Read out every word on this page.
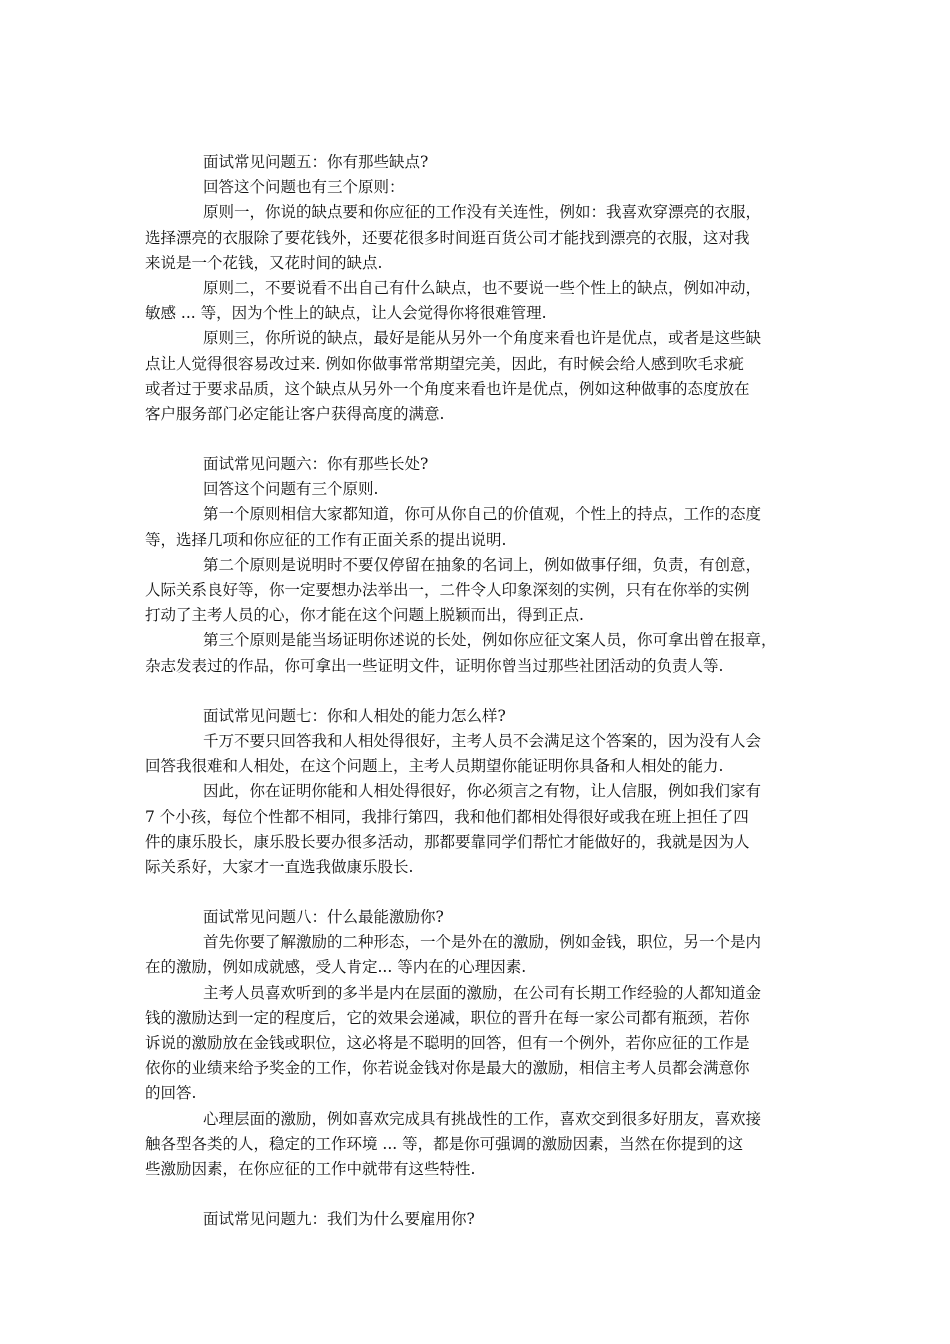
面试常见问题五：你有那些缺点?
回答这个问题也有三个原则：
原则一，你说的缺点要和你应征的工作没有关连性，例如：我喜欢穿漂亮的衣服，
选择漂亮的衣服除了要花钱外，还要花很多时间逛百货公司才能找到漂亮的衣服，这对我
来说是一个花钱，又花时间的缺点.
原则二，不要说看不出自己有什么缺点，也不要说一些个性上的缺点，例如冲动，
敏感 ... 等，因为个性上的缺点，让人会觉得你将很难管理.
原则三，你所说的缺点，最好是能从另外一个角度来看也许是优点，或者是这些缺
点让人觉得很容易改过来. 例如你做事常常期望完美，因此，有时候会给人感到吹毛求疵
或者过于要求品质，这个缺点从另外一个角度来看也许是优点，例如这种做事的态度放在
客户服务部门必定能让客户获得高度的满意.
面试常见问题六：你有那些长处?
回答这个问题有三个原则.
第一个原则相信大家都知道，你可从你自己的价值观，个性上的持点，工作的态度
等，选择几项和你应征的工作有正面关系的提出说明.
第二个原则是说明时不要仅停留在抽象的名词上，例如做事仔细，负责，有创意，
人际关系良好等，你一定要想办法举出一，二件令人印象深刻的实例，只有在你举的实例
打动了主考人员的心，你才能在这个问题上脱颖而出，得到正点.
第三个原则是能当场证明你述说的长处，例如你应征文案人员，你可拿出曾在报章，
杂志发表过的作品，你可拿出一些证明文件，证明你曾当过那些社团活动的负责人等.
面试常见问题七：你和人相处的能力怎么样?
千万不要只回答我和人相处得很好，主考人员不会满足这个答案的，因为没有人会
回答我很难和人相处，在这个问题上，主考人员期望你能证明你具备和人相处的能力.
因此，你在证明你能和人相处得很好，你必须言之有物，让人信服，例如我们家有
7 个小孩，每位个性都不相同，我排行第四，我和他们都相处得很好或我在班上担任了四
件的康乐股长，康乐股长要办很多活动，那都要靠同学们帮忙才能做好的，我就是因为人
际关系好，大家才一直选我做康乐股长.
面试常见问题八：什么最能激励你?
首先你要了解激励的二种形态，一个是外在的激励，例如金钱，职位，另一个是内
在的激励，例如成就感，受人肯定... 等内在的心理因素.
主考人员喜欢听到的多半是内在层面的激励，在公司有长期工作经验的人都知道金
钱的激励达到一定的程度后，它的效果会递减，职位的晋升在每一家公司都有瓶颈，若你
诉说的激励放在金钱或职位，这必将是不聪明的回答，但有一个例外，若你应征的工作是
依你的业绩来给予奖金的工作，你若说金钱对你是最大的激励，相信主考人员都会满意你
的回答.
心理层面的激励，例如喜欢完成具有挑战性的工作，喜欢交到很多好朋友，喜欢接
触各型各类的人，稳定的工作环境 ... 等，都是你可强调的激励因素，当然在你提到的这
些激励因素，在你应征的工作中就带有这些特性.
面试常见问题九：我们为什么要雇用你?
